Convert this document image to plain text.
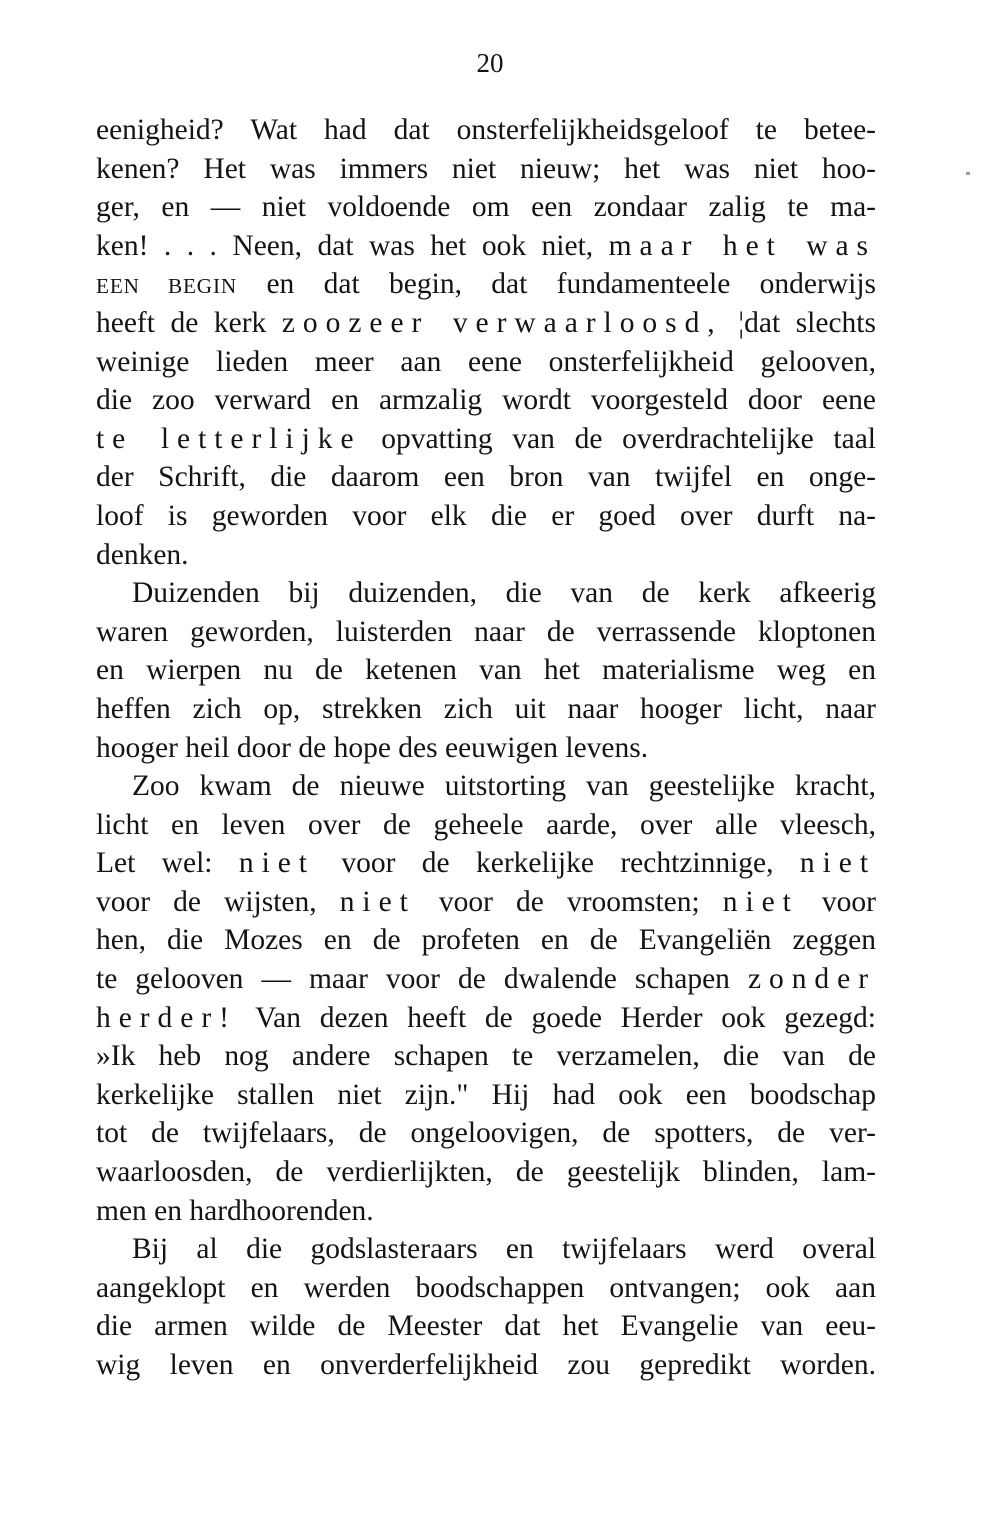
20
eenigheid? Wat had dat onsterfelijkheidsgeloof te betee-
kenen? Het was immers niet nieuw; het was niet hoo-
ger, en — niet voldoende om een zondaar zalig te ma-
ken! . . . Neen, dat was het ook niet, maar het was
EEN BEGIN en dat begin, dat fundamenteele onderwijs
heeft de kerk zoozeer verwaarloosd, ¦dat slechts
weinige lieden meer aan eene onsterfelijkheid gelooven,
die zoo verward en armzalig wordt voorgesteld door eene
te letterlijke opvatting van de overdrachtelijke taal
der Schrift, die daarom een bron van twijfel en onge-
loof is geworden voor elk die er goed over durft na-
denken.
Duizenden bij duizenden, die van de kerk afkeerig
waren geworden, luisterden naar de verrassende kloptonen
en wierpen nu de ketenen van het materialisme weg en
heffen zich op, strekken zich uit naar hooger licht, naar
hooger heil door de hope des eeuwigen levens.
Zoo kwam de nieuwe uitstorting van geestelijke kracht,
licht en leven over de geheele aarde, over alle vleesch,
Let wel: niet voor de kerkelijke rechtzinnige, niet
voor de wijsten, niet voor de vroomsten; niet voor
hen, die Mozes en de profeten en de Evangeliën zeggen
te gelooven — maar voor de dwalende schapen zonder
herder! Van dezen heeft de goede Herder ook gezegd:
»Ik heb nog andere schapen te verzamelen, die van de
kerkelijke stallen niet zijn." Hij had ook een boodschap
tot de twijfelaars, de ongeloovigen, de spotters, de ver-
waarloosden, de verdierlijkten, de geestelijk blinden, lam-
men en hardhoorenden.
Bij al die godslasteraars en twijfelaars werd overal
aangeklopt en werden boodschappen ontvangen; ook aan
die armen wilde de Meester dat het Evangelie van eeu-
wig leven en onverderfelijkheid zou gepredikt worden.
